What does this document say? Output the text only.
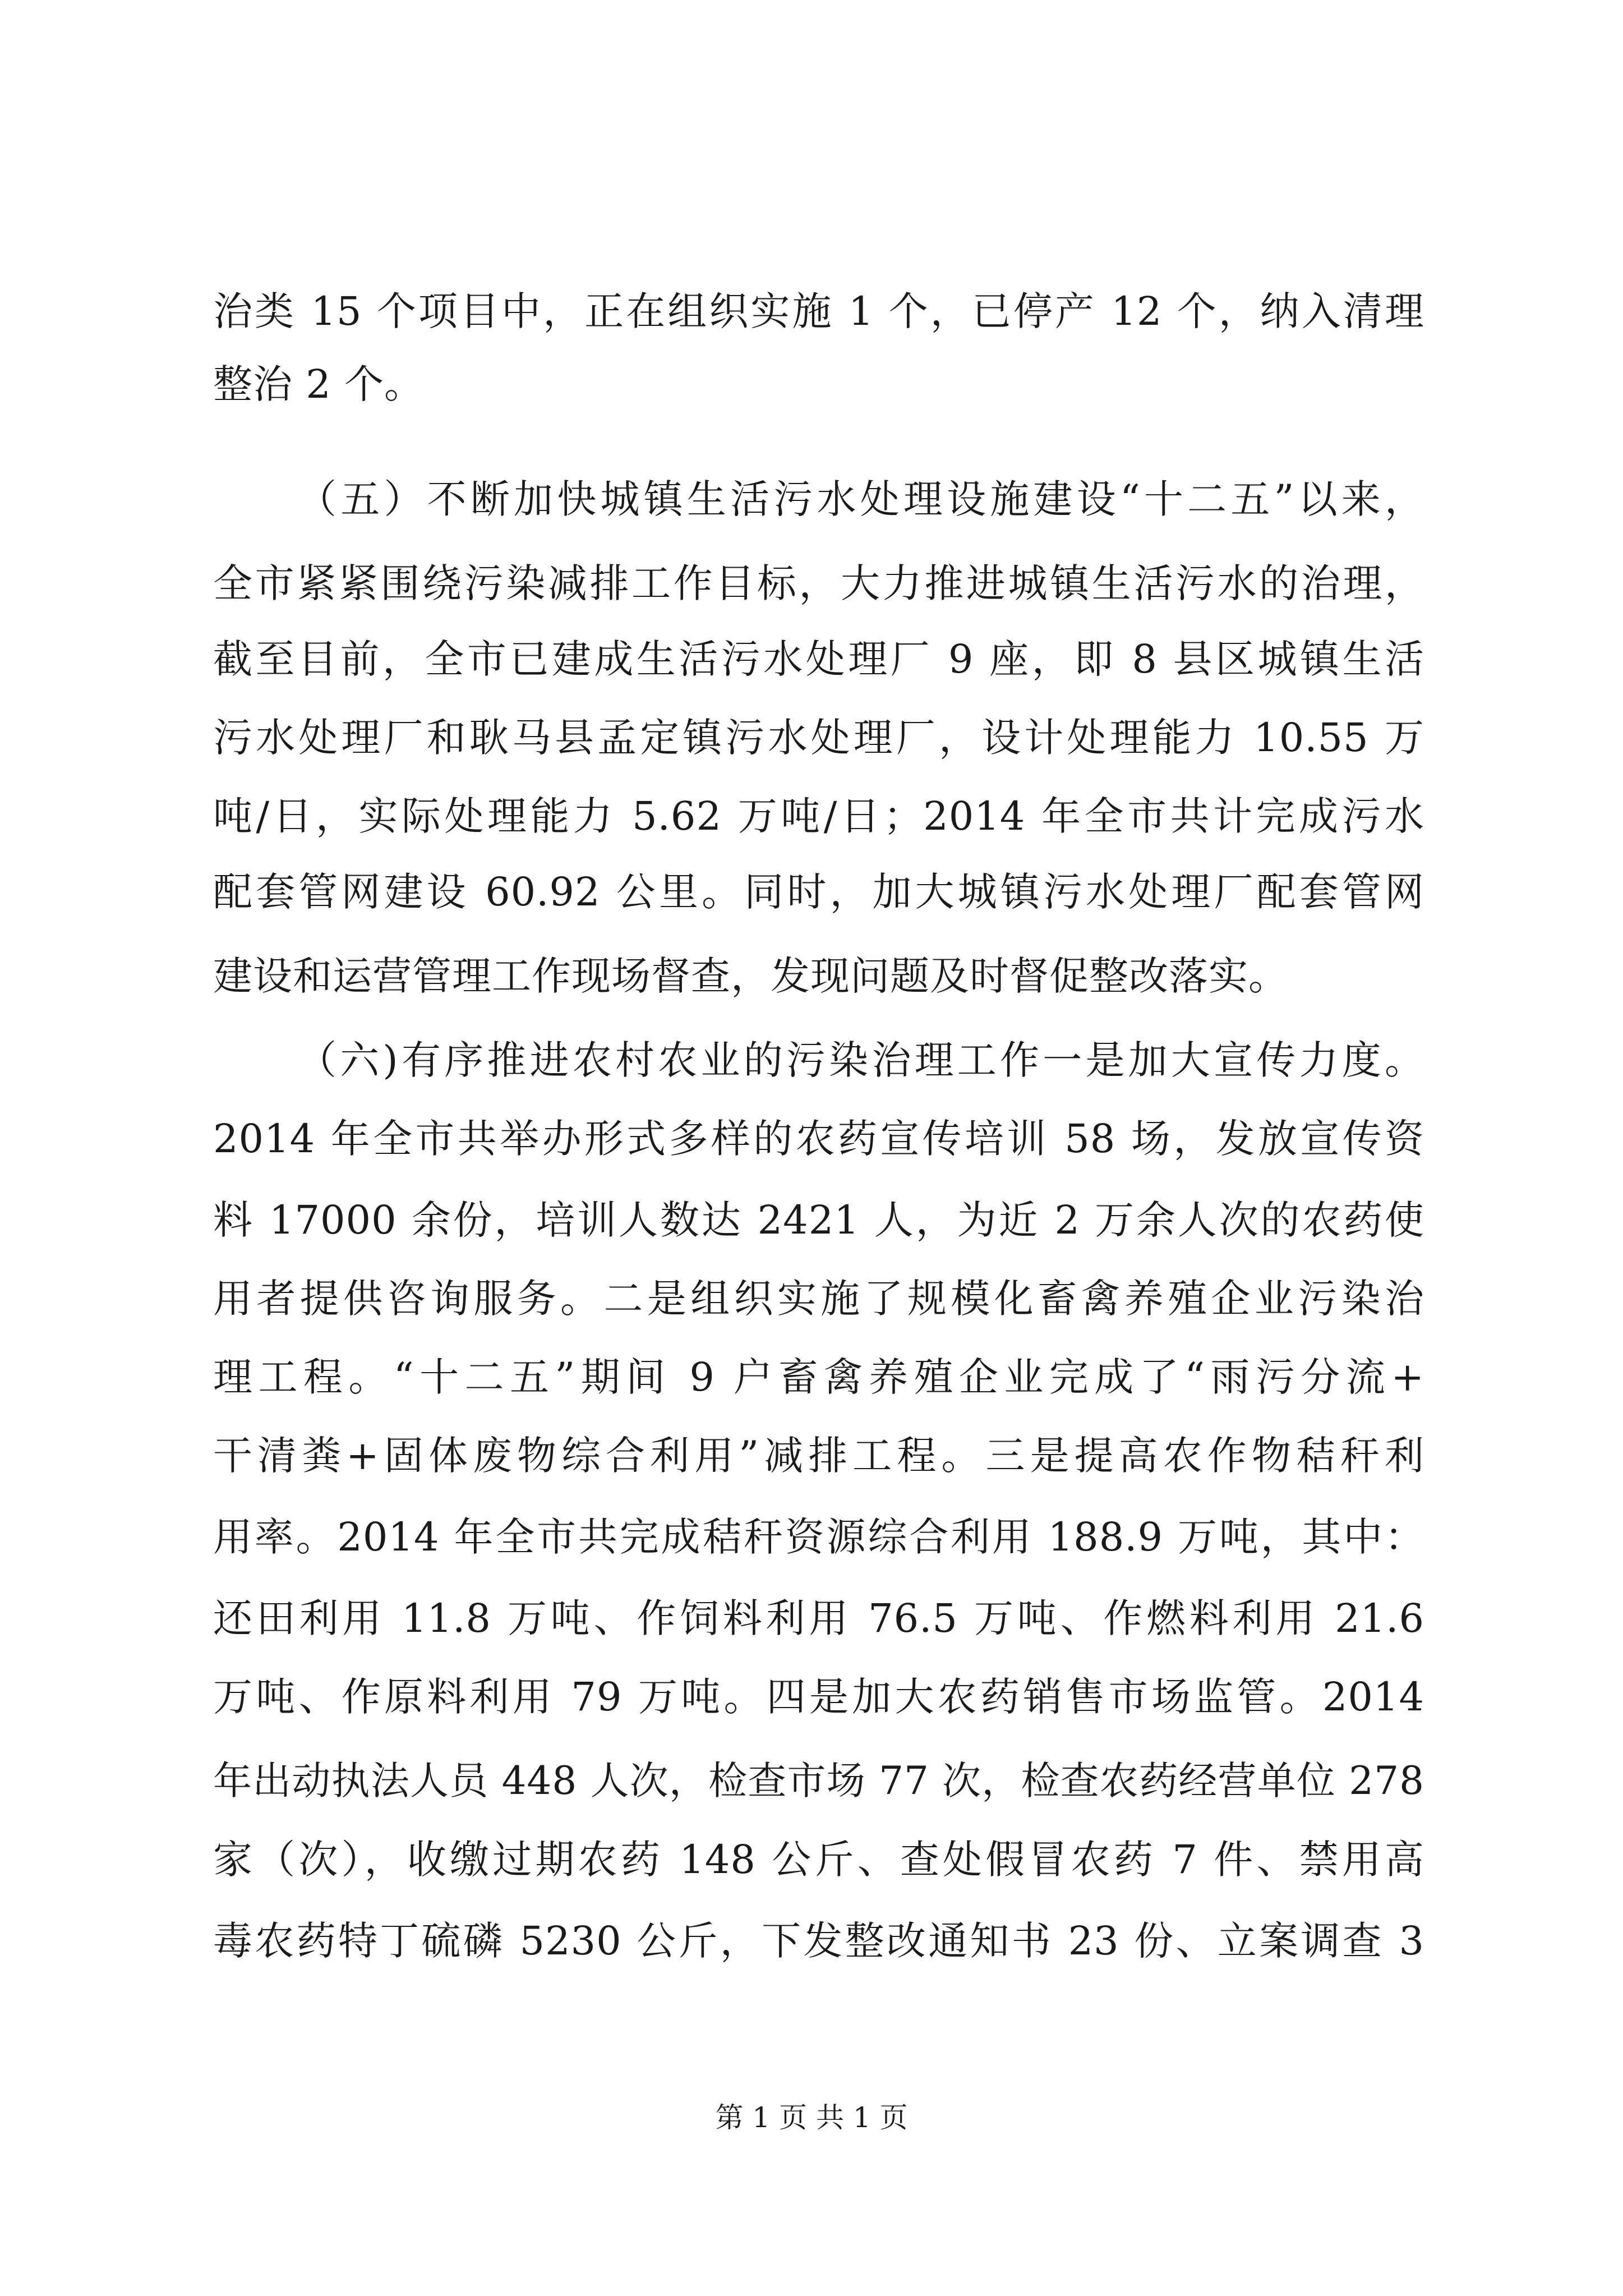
治类 15 个项目中，正在组织实施 1 个，已停产 12 个，纳入清理
整治 2 个。
（五）不断加快城镇生活污水处理设施建设“十二五”以来，
全市紧紧围绕污染减排工作目标，大力推进城镇生活污水的治理，
截至目前，全市已建成生活污水处理厂 9 座，即 8 县区城镇生活
污水处理厂和耿马县孟定镇污水处理厂，设计处理能力 10.55 万
吨/日，实际处理能力 5.62 万吨/日；2014 年全市共计完成污水
配套管网建设 60.92 公里。同时，加大城镇污水处理厂配套管网
建设和运营管理工作现场督查，发现问题及时督促整改落实。
（六)有序推进农村农业的污染治理工作一是加大宣传力度。
2014 年全市共举办形式多样的农药宣传培训 58 场，发放宣传资
料 17000 余份，培训人数达 2421 人，为近 2 万余人次的农药使
用者提供咨询服务。二是组织实施了规模化畜禽养殖企业污染治
理工程。“十二五”期间 9 户畜禽养殖企业完成了“雨污分流+
干清粪+固体废物综合利用”减排工程。三是提高农作物秸秆利
用率。2014 年全市共完成秸秆资源综合利用 188.9 万吨，其中：
还田利用 11.8 万吨、作饲料利用 76.5 万吨、作燃料利用 21.6
万吨、作原料利用 79 万吨。四是加大农药销售市场监管。2014
年出动执法人员 448 人次，检查市场 77 次，检查农药经营单位 278
家（次），收缴过期农药 148 公斤、查处假冒农药 7 件、禁用高
毒农药特丁硫磷 5230 公斤，下发整改通知书 23 份、立案调查 3
第 1 页 共 1 页
